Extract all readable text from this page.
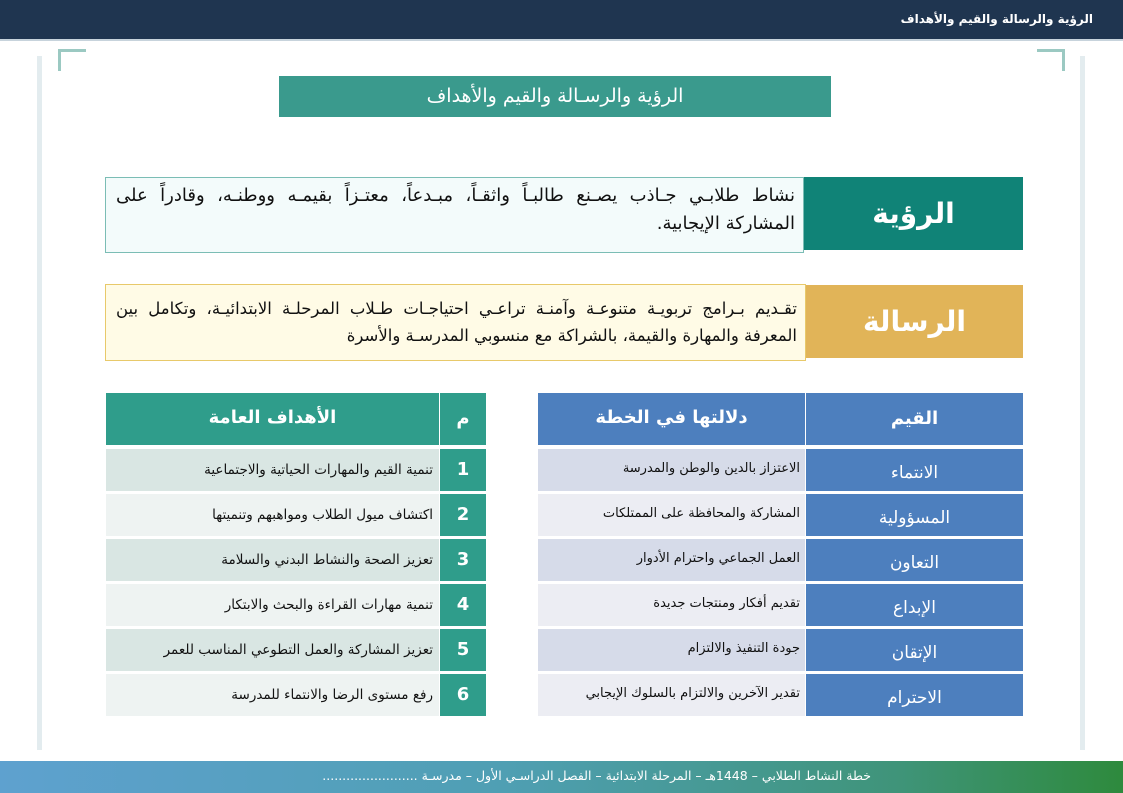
الرؤية والرسالة والقيم والأهداف
الرؤية والرسـالة والقيم والأهداف
الرؤية
نشاط طلابـي جـاذب يصـنع طالبـاً واثقـاً، مبـدعاً، معتـزاً بقيمـه ووطنـه، وقادراً على المشاركة الإيجابية.
الرسالة
تقـديم بـرامج تربويـة متنوعـة وآمنـة تراعـي احتياجـات طـلاب المرحلـة الابتدائيـة، وتكامل بين المعرفة والمهارة والقيمة، بالشراكة مع منسوبي المدرسـة والأسرة
م
الأهداف العامة
1
تنمية القيم والمهارات الحياتية والاجتماعية
2
اكتشاف ميول الطلاب ومواهبهم وتنميتها
3
تعزيز الصحة والنشاط البدني والسلامة
4
تنمية مهارات القراءة والبحث والابتكار
5
تعزيز المشاركة والعمل التطوعي المناسب للعمر
6
رفع مستوى الرضا والانتماء للمدرسة
القيم
دلالتها في الخطة
الانتماء
الاعتزاز بالدين والوطن والمدرسة
المسؤولية
المشاركة والمحافظة على الممتلكات
التعاون
العمل الجماعي واحترام الأدوار
الإبداع
تقديم أفكار ومنتجات جديدة
الإتقان
جودة التنفيذ والالتزام
الاحترام
تقدير الآخرين والالتزام بالسلوك الإيجابي
خطة النشاط الطلابي – 1448هـ – المرحلة الابتدائية – الفصل الدراسـي الأول – مدرسـة ........................
